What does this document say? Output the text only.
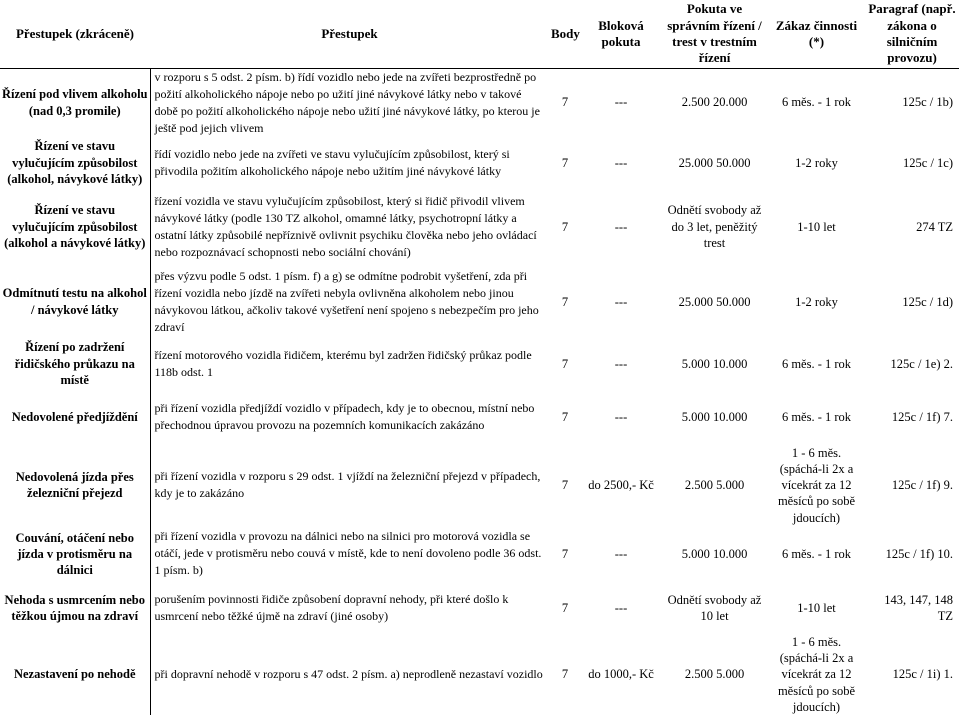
Přestupek (zkráceně)	Přestupek	Body	Bloková pokuta	Pokuta ve správním řízení / trest v trestním řízení	Zákaz činnosti (*)	Paragraf (např. zákona o silničním provozu)
Řízení pod vlivem alkoholu (nad 0,3 promile)	v rozporu s 5 odst. 2 písm. b) řídí vozidlo nebo jede na zvířeti bezprostředně po požití alkoholického nápoje nebo po užití jiné návykové látky nebo v takové době po požití alkoholického nápoje nebo užití jiné návykové látky, po kterou je ještě pod jejich vlivem	7	---	2.500 20.000	6 měs. - 1 rok	125c / 1b)
Řízení ve stavu vylučujícím způsobilost (alkohol, návykové látky)	řídí vozidlo nebo jede na zvířeti ve stavu vylučujícím způsobilost, který si přivodila požitím alkoholického nápoje nebo užitím jiné návykové látky	7	---	25.000 50.000	1-2 roky	125c / 1c)
Řízení ve stavu vylučujícím způsobilost (alkohol a návykové látky)	řízení vozidla ve stavu vylučujícím způsobilost, který si řidič přivodil vlivem návykové látky (podle 130 TZ alkohol, omamné látky, psychotropní látky a ostatní látky způsobilé nepříznivě ovlivnit psychiku člověka nebo jeho ovládací nebo rozpoznávací schopnosti nebo sociální chování)	7	---	Odnětí svobody až do 3 let, peněžitý trest	1-10 let	274 TZ
Odmítnutí testu na alkohol / návykové látky	přes výzvu podle 5 odst. 1 písm. f) a g) se odmítne podrobit vyšetření, zda při řízení vozidla nebo jízdě na zvířeti nebyla ovlivněna alkoholem nebo jinou návykovou látkou, ačkoliv takové vyšetření není spojeno s nebezpečím pro jeho zdraví	7	---	25.000 50.000	1-2 roky	125c / 1d)
Řízení po zadržení řidičského průkazu na místě	řízení motorového vozidla řidičem, kterému byl zadržen řidičský průkaz podle 118b odst. 1	7	---	5.000 10.000	6 měs. - 1 rok	125c / 1e) 2.
Nedovolené předjíždění	při řízení vozidla předjíždí vozidlo v případech, kdy je to obecnou, místní nebo přechodnou úpravou provozu na pozemních komunikacích zakázáno	7	---	5.000 10.000	6 měs. - 1 rok	125c / 1f) 7.
Nedovolená jízda přes železniční přejezd	při řízení vozidla v rozporu s 29 odst. 1 vjíždí na železniční přejezd v případech, kdy je to zakázáno	7	do 2500,- Kč	2.500 5.000	1 - 6 měs. (spáchá-li 2x a vícekrát za 12 měsíců po sobě jdoucích)	125c / 1f) 9.
Couvání, otáčení nebo jízda v protisměru na dálnici	při řízení vozidla v provozu na dálnici nebo na silnici pro motorová vozidla se otáčí, jede v protisměru nebo couvá v místě, kde to není dovoleno podle 36 odst. 1 písm. b)	7	---	5.000 10.000	6 měs. - 1 rok	125c / 1f) 10.
Nehoda s usmrcením nebo těžkou újmou na zdraví	porušením povinnosti řidiče způsobení dopravní nehody, při které došlo k usmrcení nebo těžké újmě na zdraví (jiné osoby)	7	---	Odnětí svobody až 10 let	1-10 let	143, 147, 148 TZ
Nezastavení po nehodě	při dopravní nehodě v rozporu s 47 odst. 2 písm. a) neprodleně nezastaví vozidlo	7	do 1000,- Kč	2.500 5.000	1 - 6 měs. (spáchá-li 2x a vícekrát za 12 měsíců po sobě jdoucích)	125c / 1i) 1.
